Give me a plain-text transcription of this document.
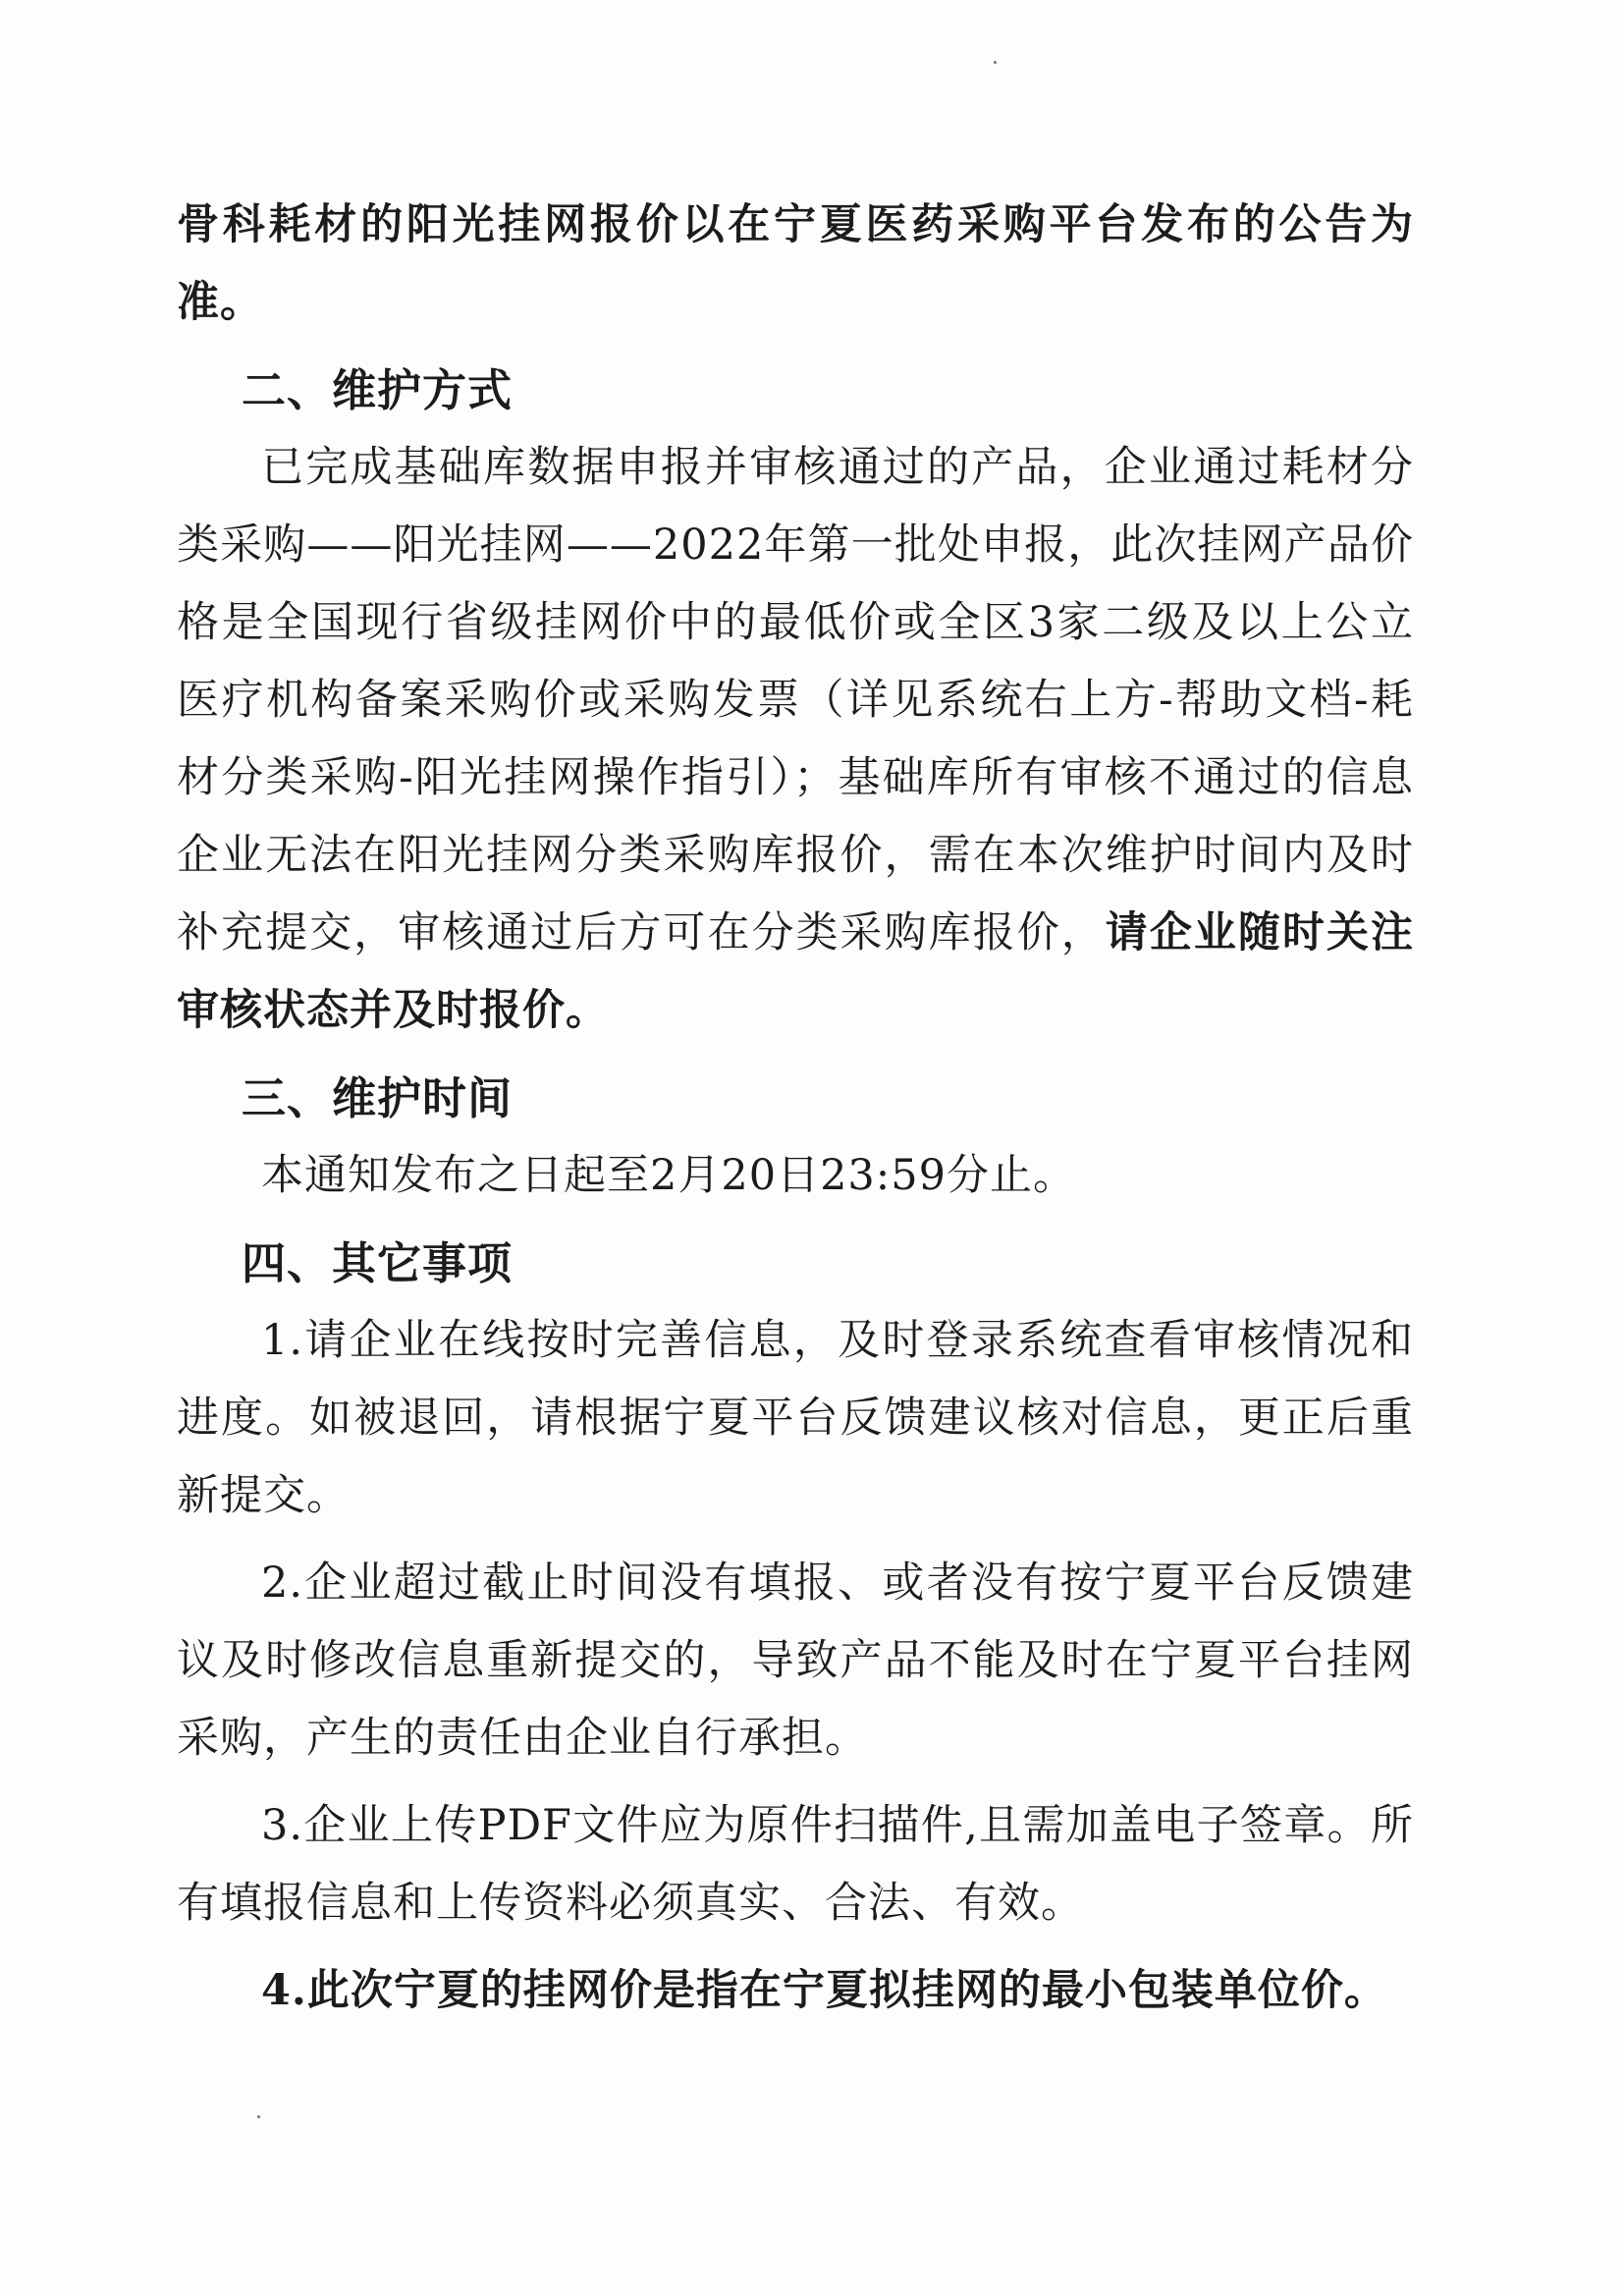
骨科耗材的阳光挂网报价以在宁夏医药采购平台发布的公告为准。

二、维护方式

已完成基础库数据申报并审核通过的产品，企业通过耗材分类采购——阳光挂网——2022年第一批处申报，此次挂网产品价格是全国现行省级挂网价中的最低价或全区3家二级及以上公立医疗机构备案采购价或采购发票（详见系统右上方-帮助文档-耗材分类采购-阳光挂网操作指引）；基础库所有审核不通过的信息企业无法在阳光挂网分类采购库报价，需在本次维护时间内及时补充提交，审核通过后方可在分类采购库报价，请企业随时关注审核状态并及时报价。

三、维护时间

本通知发布之日起至2月20日23:59分止。

四、其它事项

1.请企业在线按时完善信息，及时登录系统查看审核情况和进度。如被退回，请根据宁夏平台反馈建议核对信息，更正后重新提交。

2.企业超过截止时间没有填报、或者没有按宁夏平台反馈建议及时修改信息重新提交的，导致产品不能及时在宁夏平台挂网采购，产生的责任由企业自行承担。

3.企业上传PDF文件应为原件扫描件,且需加盖电子签章。所有填报信息和上传资料必须真实、合法、有效。

4.此次宁夏的挂网价是指在宁夏拟挂网的最小包装单位价。
